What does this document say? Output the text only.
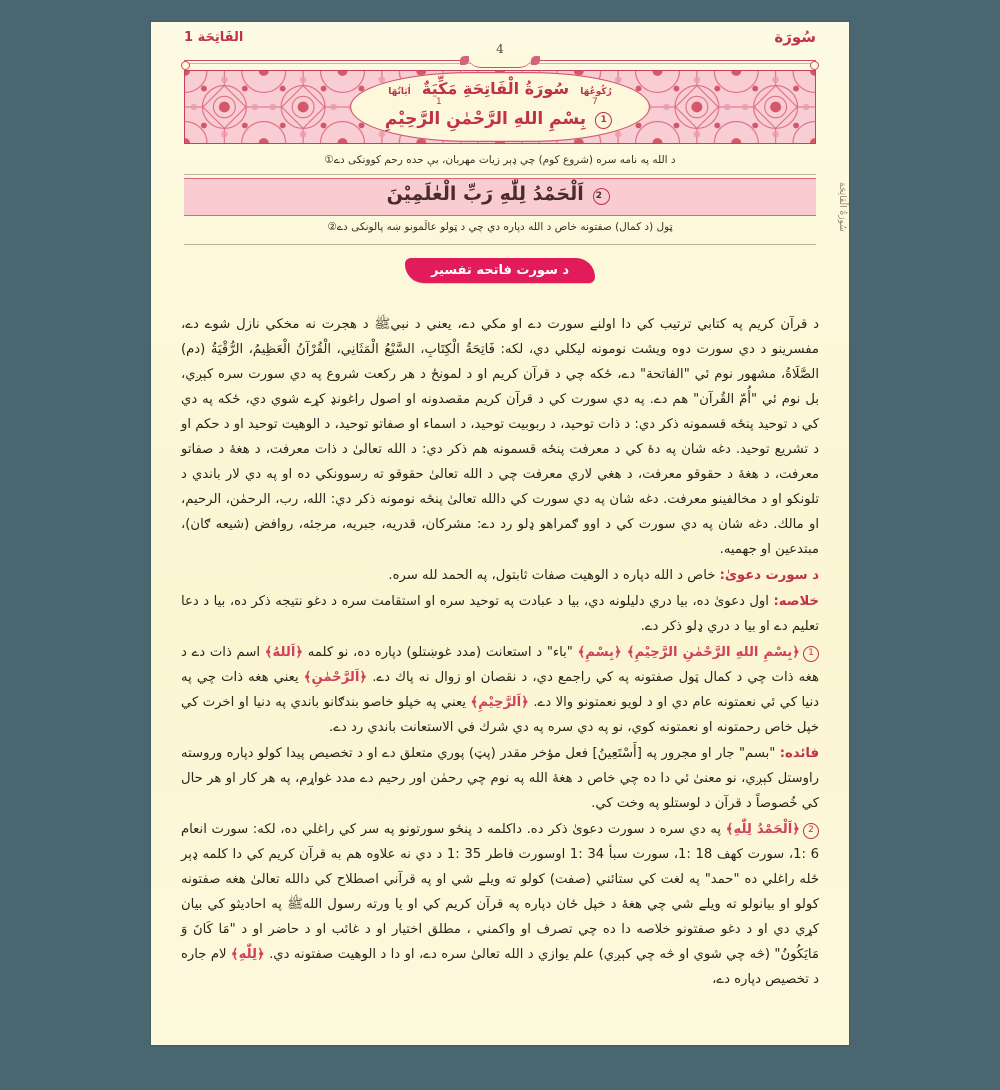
الفَاتِحَة 1	سُورَة
4
رُكُوعُهَا  سُورَةُ الْفَاتِحَةِ مَكِّيَةٌ  اٰیَاتُهَا
7
1
1 بِسْمِ اللهِ الرَّحْمٰنِ الرَّحِيْمِ
د الله په نامه سره (شروع كوم) چي ډېر زيات مهربان، بې حده رحم كوونكى دے①
2 اَلْحَمْدُ لِلّٰهِ رَبِّ الْعٰلَمِيْنَ
ټول (د كمال) صفتونه خاص د الله دپاره دي چي د ټولو عالَمونو ښه پالونكى دے②
د سورت فاتحه تفسير

د قرآن كريم په كتابي ترتيب كي دا اولنے سورت دے او مكي دے، يعني د نبيﷺ د هجرت نه مخكي نازل شوے دے، مفسرينو د دي سورت دوه ويشت نومونه ليكلي دي، لكه: فَاتِحَةُ الْكِتَابِ، السَّبْعُ الْمَثَانِي، الْقُرْآنُ الْعَظِيمُ، الرُّقْيَةُ (دم) الصَّلَاةُ، مشهور نوم ئي "الفاتحة" دے، ځكه چي د قرآن كريم او د لمونځ د هر ركعت شروع په دي سورت سره كېږي، بل نوم ئي "أُمّ القُرآن" هم دے. په دي سورت كي د قرآن كريم مقصدونه او اصول راغونډ كړے شوي دي، ځكه په دي كي د توحيد پنځه قسمونه ذكر دي: د ذات توحيد، د ربوبيت توحيد، د اسماء او صفاتو توحيد، د الوهيت توحيد او د حكم او د تشريع توحيد. دغه شان په دۀ كي د معرفت پنځه قسمونه هم ذكر دي: د الله تعالىٰ د ذات معرفت، د هغۀ د صفاتو معرفت، د هغۀ د حقوقو معرفت، د هغي لاري معرفت چي د الله تعالىٰ حقوقو ته رسوونكي ده او په دي لار باندي د تلونكو او د مخالفينو معرفت. دغه شان په دي سورت كي دالله تعالىٰ پنځه نومونه ذكر دي: الله، رب، الرحمٰن، الرحيم، او مالك. دغه شان په دي سورت كي د اوو ګمراهو ډلو رد دے: مشركان، قدريه، جبريه، مرجئه، روافض (شيعه ګان)، مبتدعين او جهميه.

د سورت دعوىٰ: خاص د الله دپاره د الوهيت صفات ثابتول، په الحمد لله سره.

خلاصه: اول دعوىٰ ده، بيا دري دليلونه دي، بيا د عبادت په توحيد سره او استقامت سره د دغو نتيجه ذكر ده، بيا د دعا تعليم دے او بيا د دري ډلو ذكر دے.

1﴿بِسْمِ اللهِ الرَّحْمٰنِ الرَّحِيْمِ﴾ ﴿بِسْمِ﴾ "باء" د استعانت (مدد غوښتلو) دپاره ده، نو كلمه ﴿اَللهُ﴾ اسم ذات دے د هغه ذات چي د كمال ټول صفتونه په كي راجمع دي، د نقصان او زوال نه پاك دے. ﴿اَلرَّحْمٰنِ﴾ يعني هغه ذات چي په دنيا كي ئي نعمتونه عام دي او د لويو نعمتونو والا دے. ﴿اَلرَّحِيْمِ﴾ يعني په خپلو خاصو بندګانو باندي په دنيا او اخرت كي خپل خاص رحمتونه او نعمتونه كوي، نو په دي سره په دي شرك في الاستعانت باندي رد دے.

فائده: "بسم" جار او مجرور په [أَسْتَعِينُ] فعل مؤخر مقدر (پټ) پوري متعلق دے او د تخصيص پيدا كولو دپاره وروسته راوستل كېږي، نو معنىٰ ئي دا ده چي خاص د هغۀ الله په نوم چي رحمٰن اور رحيم دے مدد غواړم، په هر كار او هر حال كي خُصوصاً د قرآن د لوستلو په وخت كي.

2﴿اَلْحَمْدُ لِلّٰهِ﴾ په دي سره د سورت دعوىٰ ذكر ده. داكلمه د پنځو سورتونو په سر كي راغلي ده، لكه: سورت انعام 6 :1، سورت كهف 18 :1، سورت سبأ 34 :1 اوسورت فاطر 35 :1 د دي نه علاوه هم به قرآن كريم كي دا كلمه ډېر ځله راغلي ده "حمد" په لغت كي ستائني (صفت) كولو ته ويلے شي او په قرآني اصطلاح كي دالله تعالىٰ هغه صفتونه كولو او بيانولو ته ويلے شي چي هغۀ د خپل ځان دپاره په قرآن كريم كي او يا ورته رسول اللهﷺ په احاديثو كي بيان كړي دي او د دغو صفتونو خلاصه دا ده چي تصرف او واكمني ، مطلق اختيار او د غائب او د حاضر او د "مَا كَانَ وَ مَايَكُونُ" (څه چي شوي او څه چي كېږي) علم يوازي د الله تعالىٰ سره دے، او دا د الوهيت صفتونه دي. ﴿لِلّٰهِ﴾ لام جاره د تخصيص دپاره دے،

سُورَةُ الْفَاتِحَة
